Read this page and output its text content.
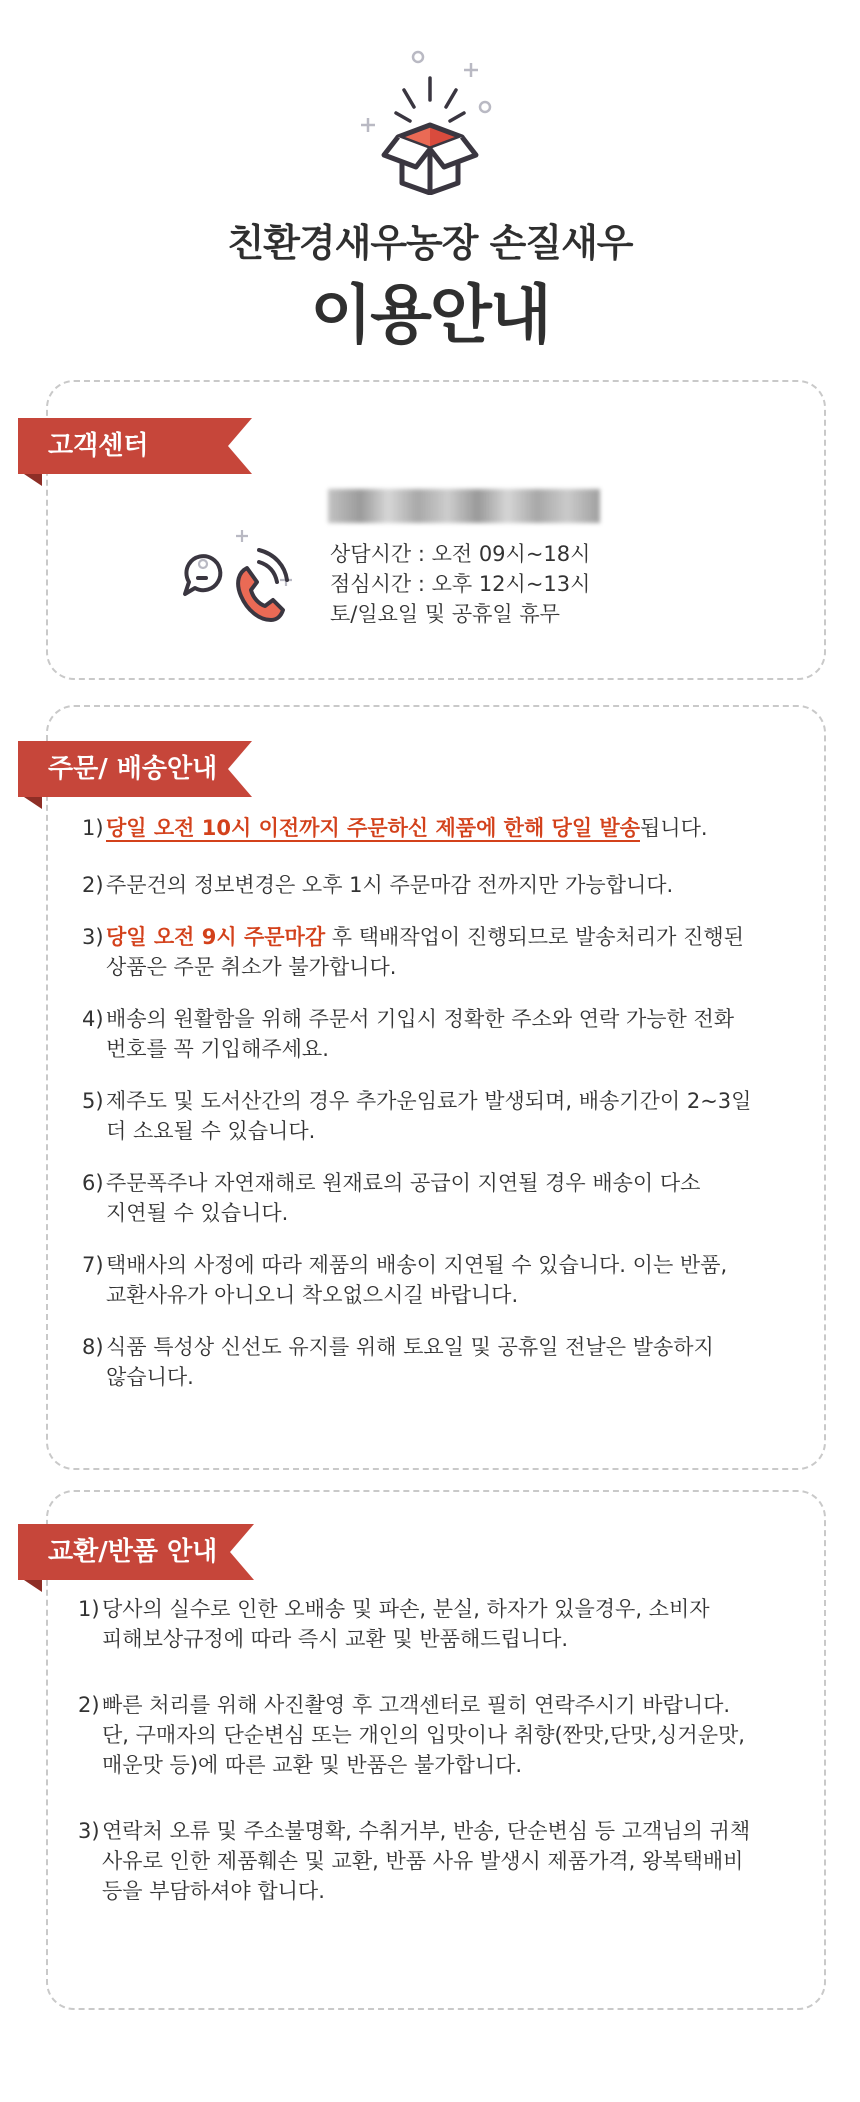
친환경새우농장 손질새우
이용안내
고객센터
상담시간 : 오전 09시~18시
점심시간 : 오후 12시~13시
토/일요일 및 공휴일 휴무
주문/ 배송안내
1) 당일 오전 10시 이전까지 주문하신 제품에 한해 당일 발송됩니다.
2) 주문건의 정보변경은 오후 1시 주문마감 전까지만 가능합니다.
3) 당일 오전 9시 주문마감 후 택배작업이 진행되므로 발송처리가 진행된
상품은 주문 취소가 불가합니다.
4) 배송의 원활함을 위해 주문서 기입시 정확한 주소와 연락 가능한 전화
번호를 꼭 기입해주세요.
5) 제주도 및 도서산간의 경우 추가운임료가 발생되며, 배송기간이 2~3일
더 소요될 수 있습니다.
6) 주문폭주나 자연재해로 원재료의 공급이 지연될 경우 배송이 다소
지연될 수 있습니다.
7) 택배사의 사정에 따라 제품의 배송이 지연될 수 있습니다. 이는 반품,
교환사유가 아니오니 착오없으시길 바랍니다.
8) 식품 특성상 신선도 유지를 위해 토요일 및 공휴일 전날은 발송하지
않습니다.
교환/반품 안내
1) 당사의 실수로 인한 오배송 및 파손, 분실, 하자가 있을경우, 소비자
피해보상규정에 따라 즉시 교환 및 반품해드립니다.
2) 빠른 처리를 위해 사진촬영 후 고객센터로 필히 연락주시기 바랍니다.
단, 구매자의 단순변심 또는 개인의 입맛이나 취향(짠맛,단맛,싱거운맛,
매운맛 등)에 따른 교환 및 반품은 불가합니다.
3) 연락처 오류 및 주소불명확, 수취거부, 반송, 단순변심 등 고객님의 귀책
사유로 인한 제품훼손 및 교환, 반품 사유 발생시 제품가격, 왕복택배비
등을 부담하셔야 합니다.
